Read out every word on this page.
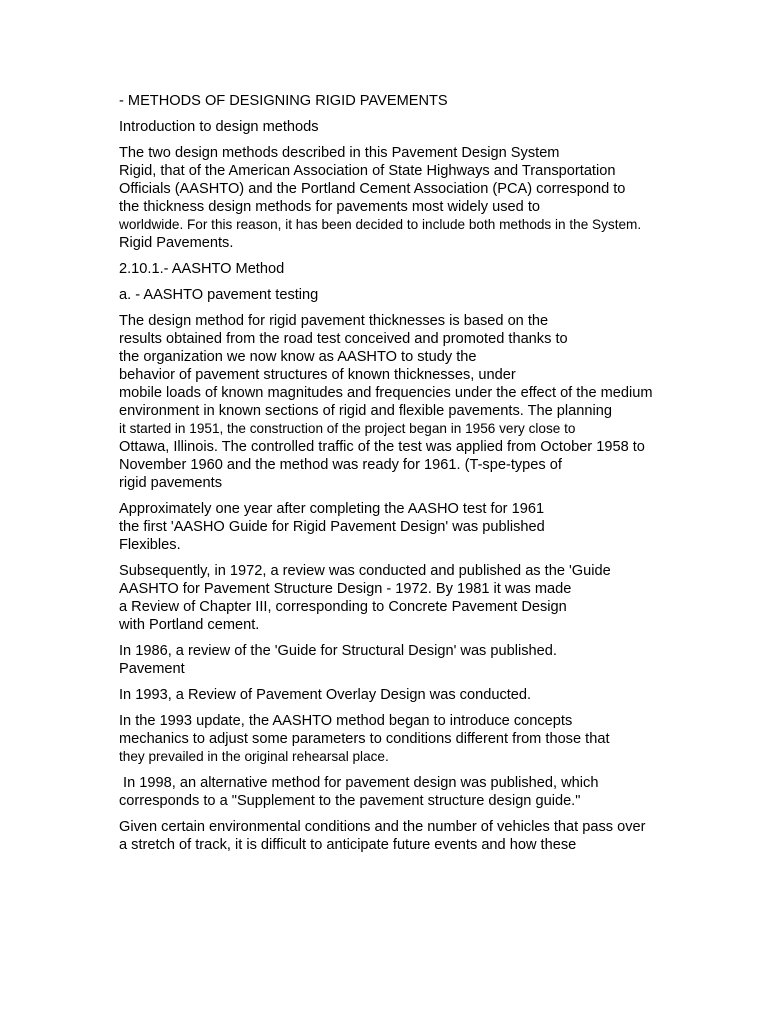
- METHODS OF DESIGNING RIGID PAVEMENTS
Introduction to design methods
The two design methods described in this Pavement Design System
Rigid, that of the American Association of State Highways and Transportation
Officials (AASHTO) and the Portland Cement Association (PCA) correspond to
the thickness design methods for pavements most widely used to
worldwide. For this reason, it has been decided to include both methods in the System.
Rigid Pavements.
2.10.1.- AASHTO Method
a. - AASHTO pavement testing
The design method for rigid pavement thicknesses is based on the
results obtained from the road test conceived and promoted thanks to
the organization we now know as AASHTO to study the
behavior of pavement structures of known thicknesses, under
mobile loads of known magnitudes and frequencies under the effect of the medium
environment in known sections of rigid and flexible pavements. The planning
it started in 1951, the construction of the project began in 1956 very close to
Ottawa, Illinois. The controlled traffic of the test was applied from October 1958 to
November 1960 and the method was ready for 1961. (T-spe-types of
rigid pavements
Approximately one year after completing the AASHO test for 1961
the first 'AASHO Guide for Rigid Pavement Design' was published
Flexibles.
Subsequently, in 1972, a review was conducted and published as the 'Guide
AASHTO for Pavement Structure Design - 1972. By 1981 it was made
a Review of Chapter III, corresponding to Concrete Pavement Design
with Portland cement.
In 1986, a review of the 'Guide for Structural Design' was published.
Pavement
In 1993, a Review of Pavement Overlay Design was conducted.
In the 1993 update, the AASHTO method began to introduce concepts
mechanics to adjust some parameters to conditions different from those that
they prevailed in the original rehearsal place.
In 1998, an alternative method for pavement design was published, which
corresponds to a "Supplement to the pavement structure design guide."
Given certain environmental conditions and the number of vehicles that pass over
a stretch of track, it is difficult to anticipate future events and how these
